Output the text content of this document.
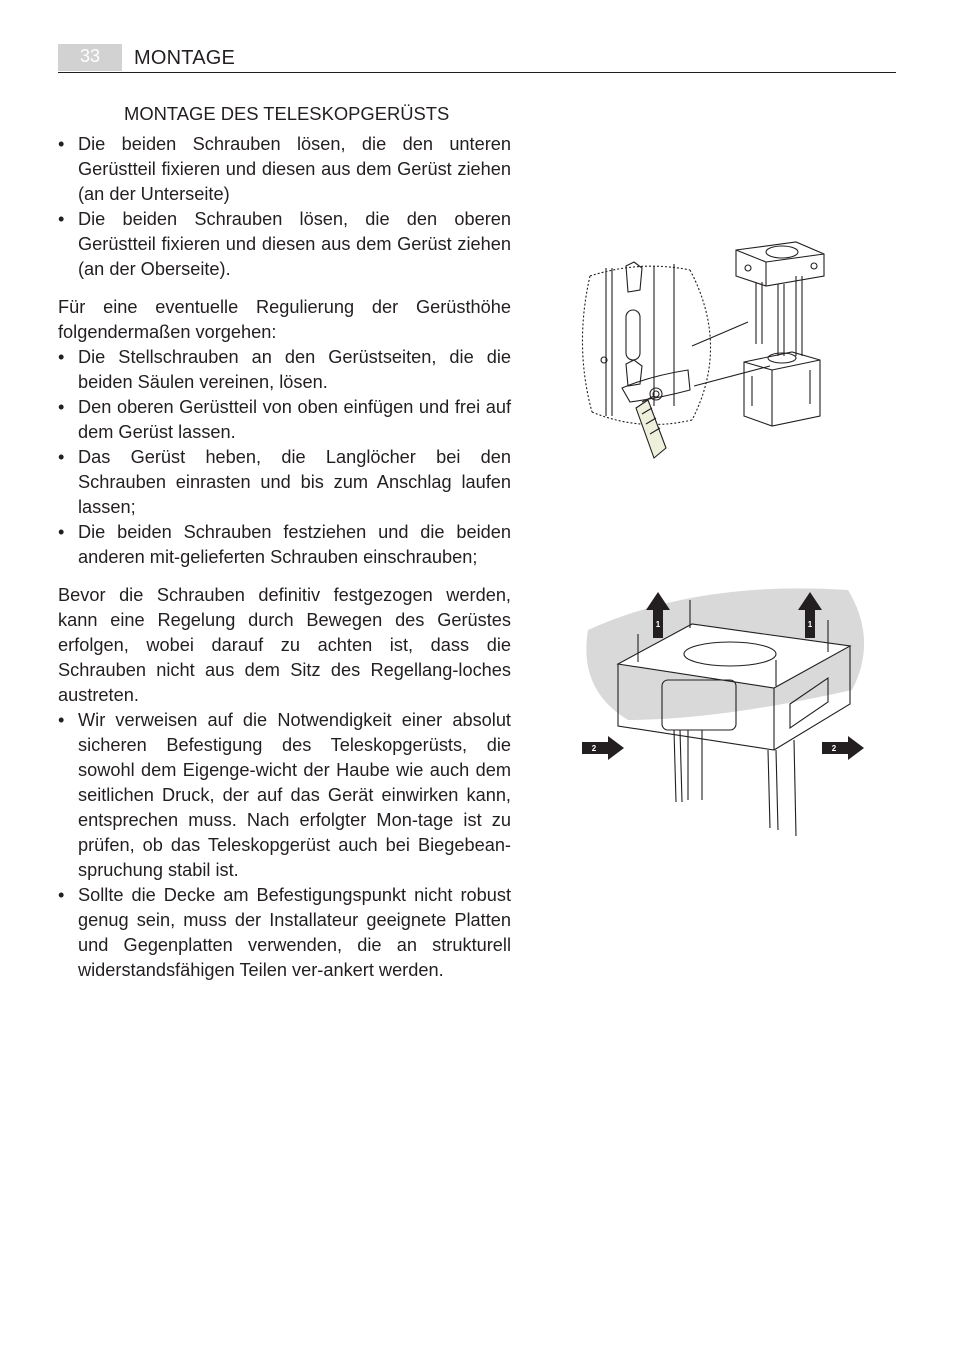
33	MONTAGE
MONTAGE DES TELESKOPGERÜSTS
• Die beiden Schrauben lösen, die den unteren Gerüstteil fixieren und diesen aus dem Gerüst ziehen (an der Unterseite)
• Die beiden Schrauben lösen, die den oberen Gerüstteil fixieren und diesen aus dem Gerüst ziehen (an der Oberseite).

Für eine eventuelle Regulierung der Gerüsthöhe folgendermaßen vorgehen:

• Die Stellschrauben an den Gerüstseiten, die die beiden Säulen vereinen, lösen.
• Den oberen Gerüstteil von oben einfügen und frei auf dem Gerüst lassen.
• Das Gerüst heben, die Langlöcher bei den Schrauben einrasten und bis zum Anschlag laufen lassen;
• Die beiden Schrauben festziehen und die beiden anderen mit-gelieferten Schrauben einschrauben;

Bevor die Schrauben definitiv festgezogen werden, kann eine Regelung durch Bewegen des Gerüstes erfolgen, wobei darauf zu achten ist, dass die Schrauben nicht aus dem Sitz des Regellang-loches austreten.

• Wir verweisen auf die Notwendigkeit einer absolut sicheren Befestigung des Teleskopgerüsts, die sowohl dem Eigenge-wicht der Haube wie auch dem seitlichen Druck, der auf das Gerät einwirken kann, entsprechen muss. Nach erfolgter Mon-tage ist zu prüfen, ob das Teleskopgerüst auch bei Biegebean-spruchung stabil ist.
• Sollte die Decke am Befestigungspunkt nicht robust genug sein, muss der Installateur geeignete Platten und Gegenplatten verwenden, die an strukturell widerstandsfähigen Teilen ver-ankert werden.
1	1
2	2
